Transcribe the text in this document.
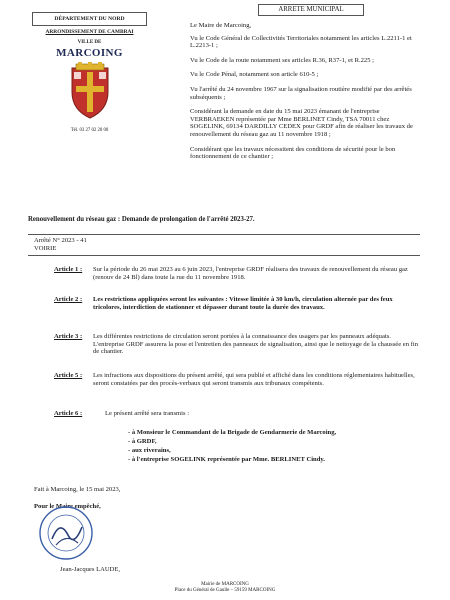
DÉPARTEMENT DU NORD
ARRONDISSEMENT DE CAMBRAI
VILLE DE
MARCOING
Tél. 03 27 02 20 00
ARRETE MUNICIPAL

Le Maire de Marcoing,

Vu le Code Général de Collectivités Territoriales notamment les articles L.2211-1 et L.2213-1 ;

Vu le Code de la route notamment ses articles R.36, R37-1, et R.225 ;

Vu le Code Pénal, notamment son article 610-5 ;

Vu l'arrêté du 24 novembre 1967 sur la signalisation routière modifié par des arrêtés subséquents ;

Considérant la demande en date du 15 mai 2023 émanant de l'entreprise VERBRAEKEN représentée par Mme BERLINET Cindy, TSA 70011 chez SOGELINK, 69134 DARDILLY CEDEX pour GRDF afin de réaliser les travaux de renouvellement du réseau gaz au 11 novembre 1918 ;

Considérant que les travaux nécessitent des conditions de sécurité pour le bon fonctionnement de ce chantier ;

Renouvellement du réseau gaz : Demande de prolongation de l'arrêté 2023-27.
Arrêté N° 2023 - 41
VOIRIE
Article 1 : Sur la période du 26 mai 2023 au 6 juin 2023, l'entreprise GRDF réalisera des travaux de renouvellement du réseau gaz (renouv de 24 Bl) dans toute la rue du 11 novembre 1918.
Article 2 : Les restrictions appliquées seront les suivantes : Vitesse limitée à 30 km/h, circulation alternée par des feux tricolores, interdiction de stationner et dépasser durant toute la durée des travaux.
Article 3 : Les différentes restrictions de circulation seront portées à la connaissance des usagers par les panneaux adéquats. L'entreprise GRDF assurera la pose et l'entretien des panneaux de signalisation, ainsi que le nettoyage de la chaussée en fin de chantier.
Article 5 : Les infractions aux dispositions du présent arrêté, qui sera publié et affiché dans les conditions réglementaires habituelles, seront constatées par des procès-verbaux qui seront transmis aux tribunaux compétents.
Article 6 :	Le présent arrêté sera transmis :
- à Monsieur le Commandant de la Brigade de Gendarmerie de Marcoing,
- à GRDF,
- aux riverains,
- à l'entreprise SOGELINK représentée par Mme. BERLINET Cindy.
Fait à Marcoing, le 15 mai 2023,
Pour le Maire empêché,
Jean-Jacques LAUDE,
Mairie de MARCOING
Place du Général de Gaulle – 59159 MARCOING
